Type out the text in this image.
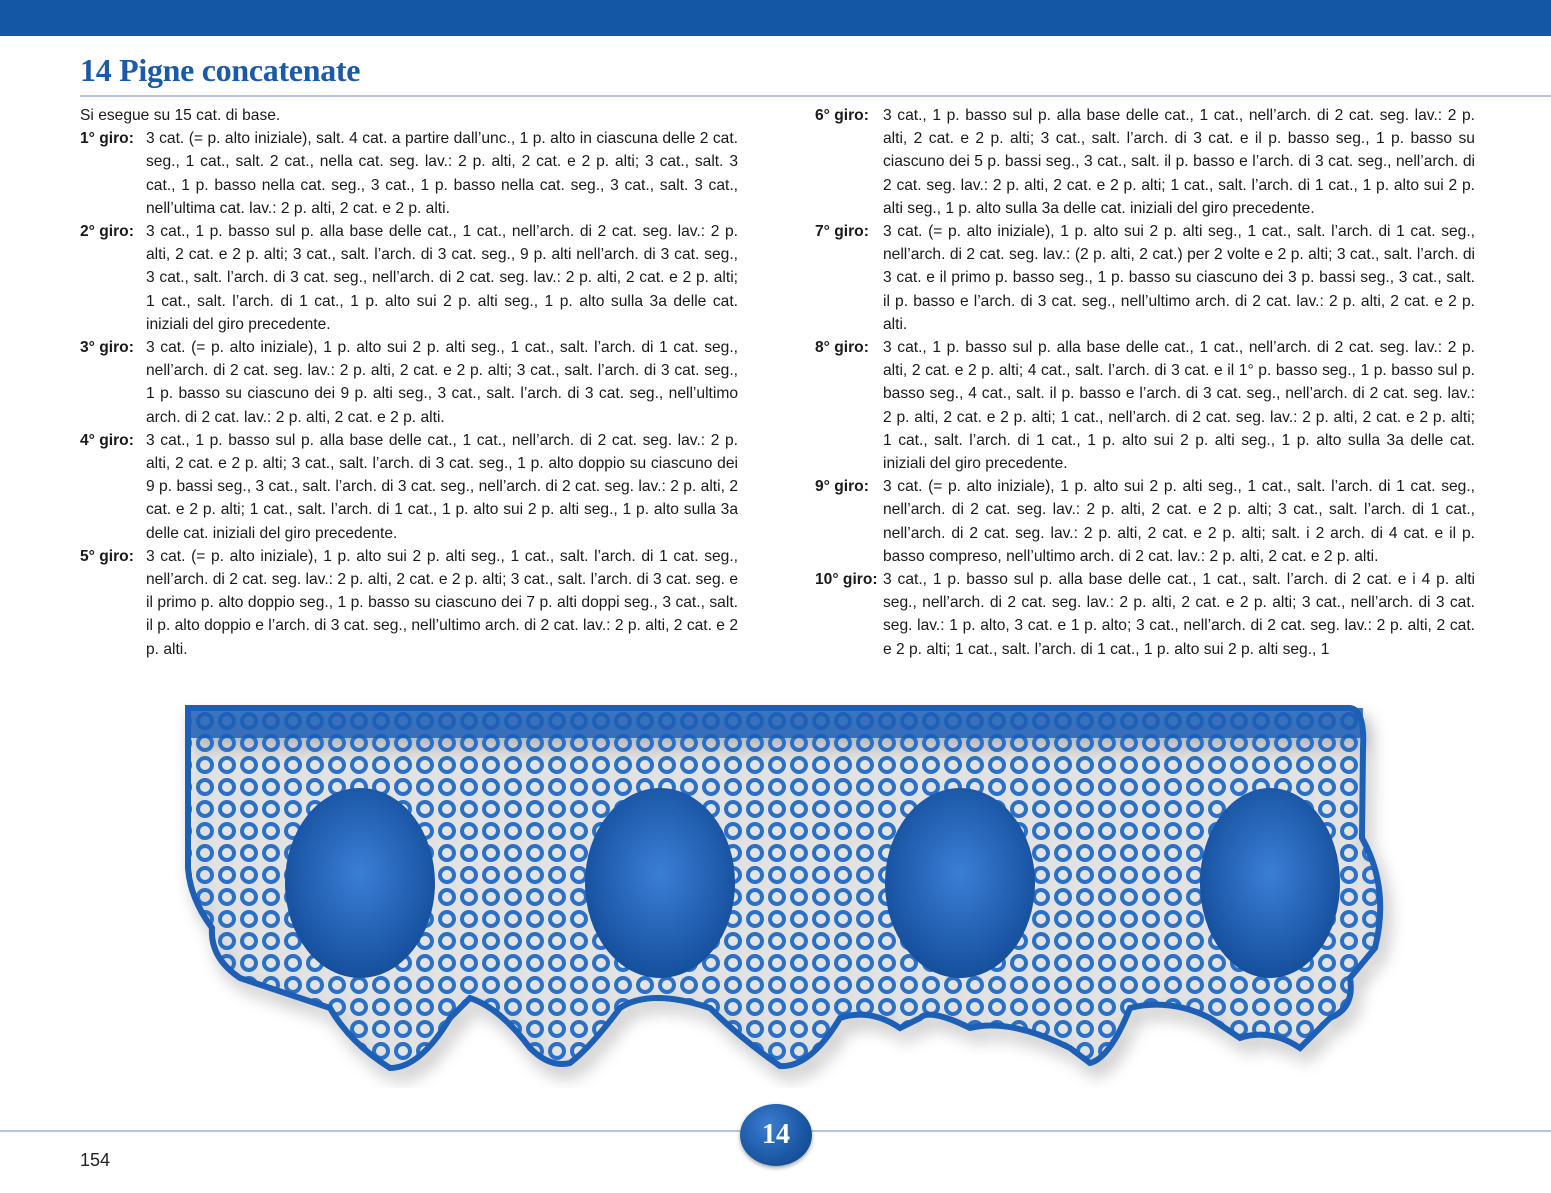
14 Pigne concatenate

Si esegue su 15 cat. di base.

1° giro: 3 cat. (= p. alto iniziale), salt. 4 cat. a partire dall’unc., 1 p. alto in ciascuna delle 2 cat. seg., 1 cat., salt. 2 cat., nella cat. seg. lav.: 2 p. alti, 2 cat. e 2 p. alti; 3 cat., salt. 3 cat., 1 p. basso nella cat. seg., 3 cat., 1 p. basso nella cat. seg., 3 cat., salt. 3 cat., nell’ultima cat. lav.: 2 p. alti, 2 cat. e 2 p. alti.
2° giro: 3 cat., 1 p. basso sul p. alla base delle cat., 1 cat., nell’arch. di 2 cat. seg. lav.: 2 p. alti, 2 cat. e 2 p. alti; 3 cat., salt. l’arch. di 3 cat. seg., 9 p. alti nell’arch. di 3 cat. seg., 3 cat., salt. l’arch. di 3 cat. seg., nell’arch. di 2 cat. seg. lav.: 2 p. alti, 2 cat. e 2 p. alti; 1 cat., salt. l’arch. di 1 cat., 1 p. alto sui 2 p. alti seg., 1 p. alto sulla 3a delle cat. iniziali del giro precedente.
3° giro: 3 cat. (= p. alto iniziale), 1 p. alto sui 2 p. alti seg., 1 cat., salt. l’arch. di 1 cat. seg., nell’arch. di 2 cat. seg. lav.: 2 p. alti, 2 cat. e 2 p. alti; 3 cat., salt. l’arch. di 3 cat. seg., 1 p. basso su ciascuno dei 9 p. alti seg., 3 cat., salt. l’arch. di 3 cat. seg., nell’ultimo arch. di 2 cat. lav.: 2 p. alti, 2 cat. e 2 p. alti.
4° giro: 3 cat., 1 p. basso sul p. alla base delle cat., 1 cat., nell’arch. di 2 cat. seg. lav.: 2 p. alti, 2 cat. e 2 p. alti; 3 cat., salt. l’arch. di 3 cat. seg., 1 p. alto doppio su ciascuno dei 9 p. bassi seg., 3 cat., salt. l’arch. di 3 cat. seg., nell’arch. di 2 cat. seg. lav.: 2 p. alti, 2 cat. e 2 p. alti; 1 cat., salt. l’arch. di 1 cat., 1 p. alto sui 2 p. alti seg., 1 p. alto sulla 3a delle cat. iniziali del giro precedente.
5° giro: 3 cat. (= p. alto iniziale), 1 p. alto sui 2 p. alti seg., 1 cat., salt. l’arch. di 1 cat. seg., nell’arch. di 2 cat. seg. lav.: 2 p. alti, 2 cat. e 2 p. alti; 3 cat., salt. l’arch. di 3 cat. seg. e il primo p. alto doppio seg., 1 p. basso su ciascuno dei 7 p. alti doppi seg., 3 cat., salt. il p. alto doppio e l’arch. di 3 cat. seg., nell’ultimo arch. di 2 cat. lav.: 2 p. alti, 2 cat. e 2 p. alti.
6° giro: 3 cat., 1 p. basso sul p. alla base delle cat., 1 cat., nell’arch. di 2 cat. seg. lav.: 2 p. alti, 2 cat. e 2 p. alti; 3 cat., salt. l’arch. di 3 cat. e il p. basso seg., 1 p. basso su ciascuno dei 5 p. bassi seg., 3 cat., salt. il p. basso e l’arch. di 3 cat. seg., nell’arch. di 2 cat. seg. lav.: 2 p. alti, 2 cat. e 2 p. alti; 1 cat., salt. l’arch. di 1 cat., 1 p. alto sui 2 p. alti seg., 1 p. alto sulla 3a delle cat. iniziali del giro precedente.
7° giro: 3 cat. (= p. alto iniziale), 1 p. alto sui 2 p. alti seg., 1 cat., salt. l’arch. di 1 cat. seg., nell’arch. di 2 cat. seg. lav.: (2 p. alti, 2 cat.) per 2 volte e 2 p. alti; 3 cat., salt. l’arch. di 3 cat. e il primo p. basso seg., 1 p. basso su ciascuno dei 3 p. bassi seg., 3 cat., salt. il p. basso e l’arch. di 3 cat. seg., nell’ultimo arch. di 2 cat. lav.: 2 p. alti, 2 cat. e 2 p. alti.
8° giro: 3 cat., 1 p. basso sul p. alla base delle cat., 1 cat., nell’arch. di 2 cat. seg. lav.: 2 p. alti, 2 cat. e 2 p. alti; 4 cat., salt. l’arch. di 3 cat. e il 1° p. basso seg., 1 p. basso sul p. basso seg., 4 cat., salt. il p. basso e l’arch. di 3 cat. seg., nell’arch. di 2 cat. seg. lav.: 2 p. alti, 2 cat. e 2 p. alti; 1 cat., nell’arch. di 2 cat. seg. lav.: 2 p. alti, 2 cat. e 2 p. alti; 1 cat., salt. l’arch. di 1 cat., 1 p. alto sui 2 p. alti seg., 1 p. alto sulla 3a delle cat. iniziali del giro precedente.
9° giro: 3 cat. (= p. alto iniziale), 1 p. alto sui 2 p. alti seg., 1 cat., salt. l’arch. di 1 cat. seg., nell’arch. di 2 cat. seg. lav.: 2 p. alti, 2 cat. e 2 p. alti; 3 cat., salt. l’arch. di 1 cat., nell’arch. di 2 cat. seg. lav.: 2 p. alti, 2 cat. e 2 p. alti; salt. i 2 arch. di 4 cat. e il p. basso compreso, nell’ultimo arch. di 2 cat. lav.: 2 p. alti, 2 cat. e 2 p. alti.
10° giro: 3 cat., 1 p. basso sul p. alla base delle cat., 1 cat., salt. l’arch. di 2 cat. e i 4 p. alti seg., nell’arch. di 2 cat. seg. lav.: 2 p. alti, 2 cat. e 2 p. alti; 3 cat., nell’arch. di 3 cat. seg. lav.: 1 p. alto, 3 cat. e 1 p. alto; 3 cat., nell’arch. di 2 cat. seg. lav.: 2 p. alti, 2 cat. e 2 p. alti; 1 cat., salt. l’arch. di 1 cat., 1 p. alto sui 2 p. alti seg., 1
154
14
